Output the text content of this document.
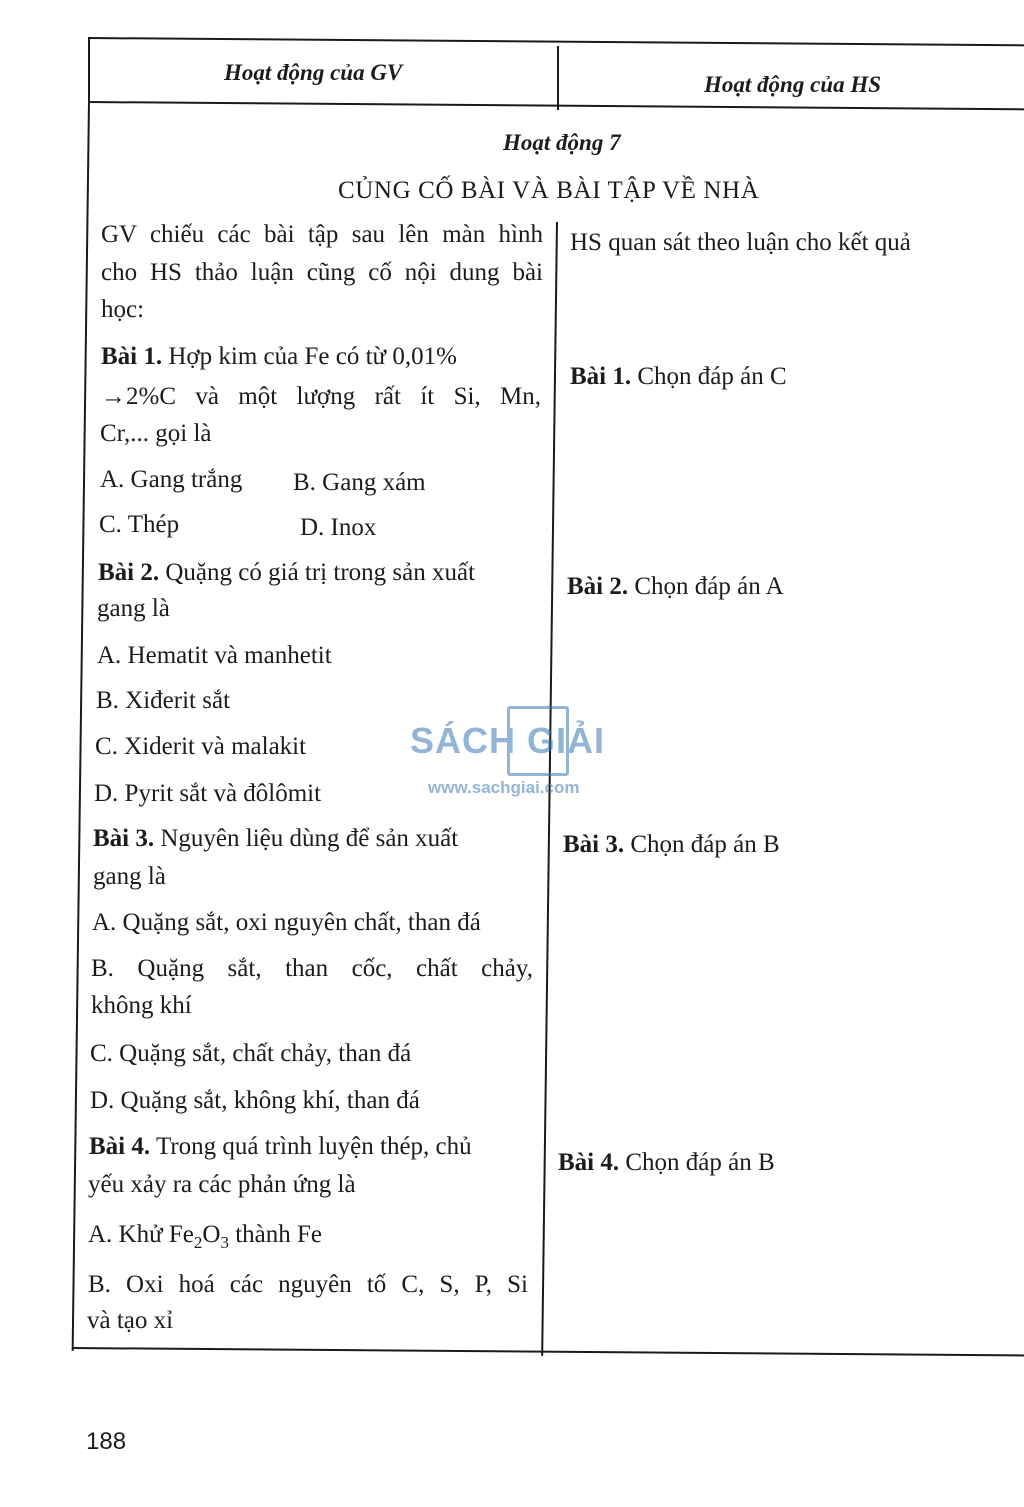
Hoạt động của GV	Hoạt động của HS
Hoạt động 7
CỦNG CỐ BÀI VÀ BÀI TẬP VỀ NHÀ
GV chiếu các bài tập sau lên màn hình
cho HS thảo luận cũng cố nội dung bài
học:
HS quan sát theo luận cho kết quả
Bài 1. Hợp kim của Fe có từ 0,01%
→2%C và một lượng rất ít Si, Mn,
Cr,... gọi là
A. Gang trắng B. Gang xám
C. Thép	D. Inox
Bài 1. Chọn đáp án C
Bài 2. Quặng có giá trị trong sản xuất
gang là
A. Hematit và manhetit
B. Xiđerit sắt
C. Xiderit và malakit
D. Pyrit sắt và đôlômit
Bài 2. Chọn đáp án A
Bài 3. Nguyên liệu dùng để sản xuất
gang là
A. Quặng sắt, oxi nguyên chất, than đá
B. Quặng sắt, than cốc, chất chảy,
không khí
C. Quặng sắt, chất chảy, than đá
D. Quặng sắt, không khí, than đá
Bài 3. Chọn đáp án B
Bài 4. Trong quá trình luyện thép, chủ
yếu xảy ra các phản ứng là
A. Khử $Fe_2O_3$ thành Fe
B. Oxi hoá các nguyên tố C, S, P, Si
và tạo xỉ
Bài 4. Chọn đáp án B
SÁCH GIẢI
www.sachgiai.com
188
